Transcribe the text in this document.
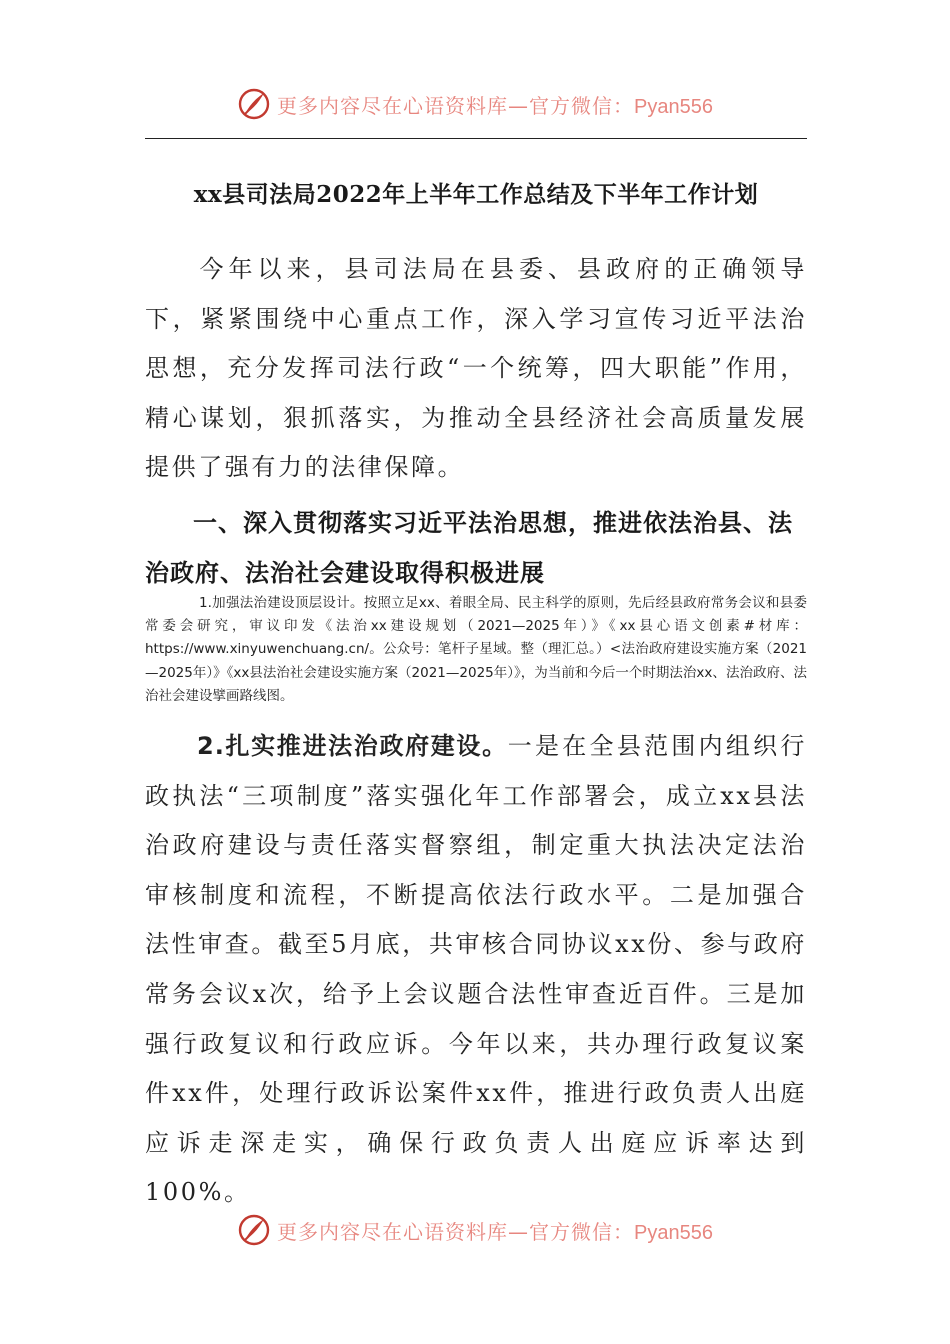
更多内容尽在心语资料库—官方微信：Pyan556
xx县司法局2022年上半年工作总结及下半年工作计划

今年以来，县司法局在县委、县政府的正确领导下，紧紧围绕中心重点工作，深入学习宣传习近平法治思想，充分发挥司法行政“一个统筹，四大职能”作用，精心谋划，狠抓落实，为推动全县经济社会高质量发展提供了强有力的法律保障。

一、深入贯彻落实习近平法治思想，推进依法治县、法治政府、法治社会建设取得积极进展

1.加强法治建设顶层设计。按照立足xx、着眼全局、民主科学的原则，先后经县政府常务会议和县委常委会研究，审议印发《法治xx建设规划（2021—2025年）》《xx县心语文创素#材库：https://www.xinyuwenchuang.cn/。公众号：笔杆子星域。整（理汇总。）<法治政府建设实施方案（2021—2025年）》《xx县法治社会建设实施方案（2021—2025年）》，为当前和今后一个时期法治xx、法治政府、法治社会建设擘画路线图。

2.扎实推进法治政府建设。一是在全县范围内组织行政执法“三项制度”落实强化年工作部署会，成立xx县法治政府建设与责任落实督察组，制定重大执法决定法治审核制度和流程，不断提高依法行政水平。二是加强合法性审查。截至5月底，共审核合同协议xx份、参与政府常务会议x次，给予上会议题合法性审查近百件。三是加强行政复议和行政应诉。今年以来，共办理行政复议案件xx件，处理行政诉讼案件xx件，推进行政负责人出庭应诉走深走实，确保行政负责人出庭应诉率达到100%。

更多内容尽在心语资料库—官方微信：Pyan556
